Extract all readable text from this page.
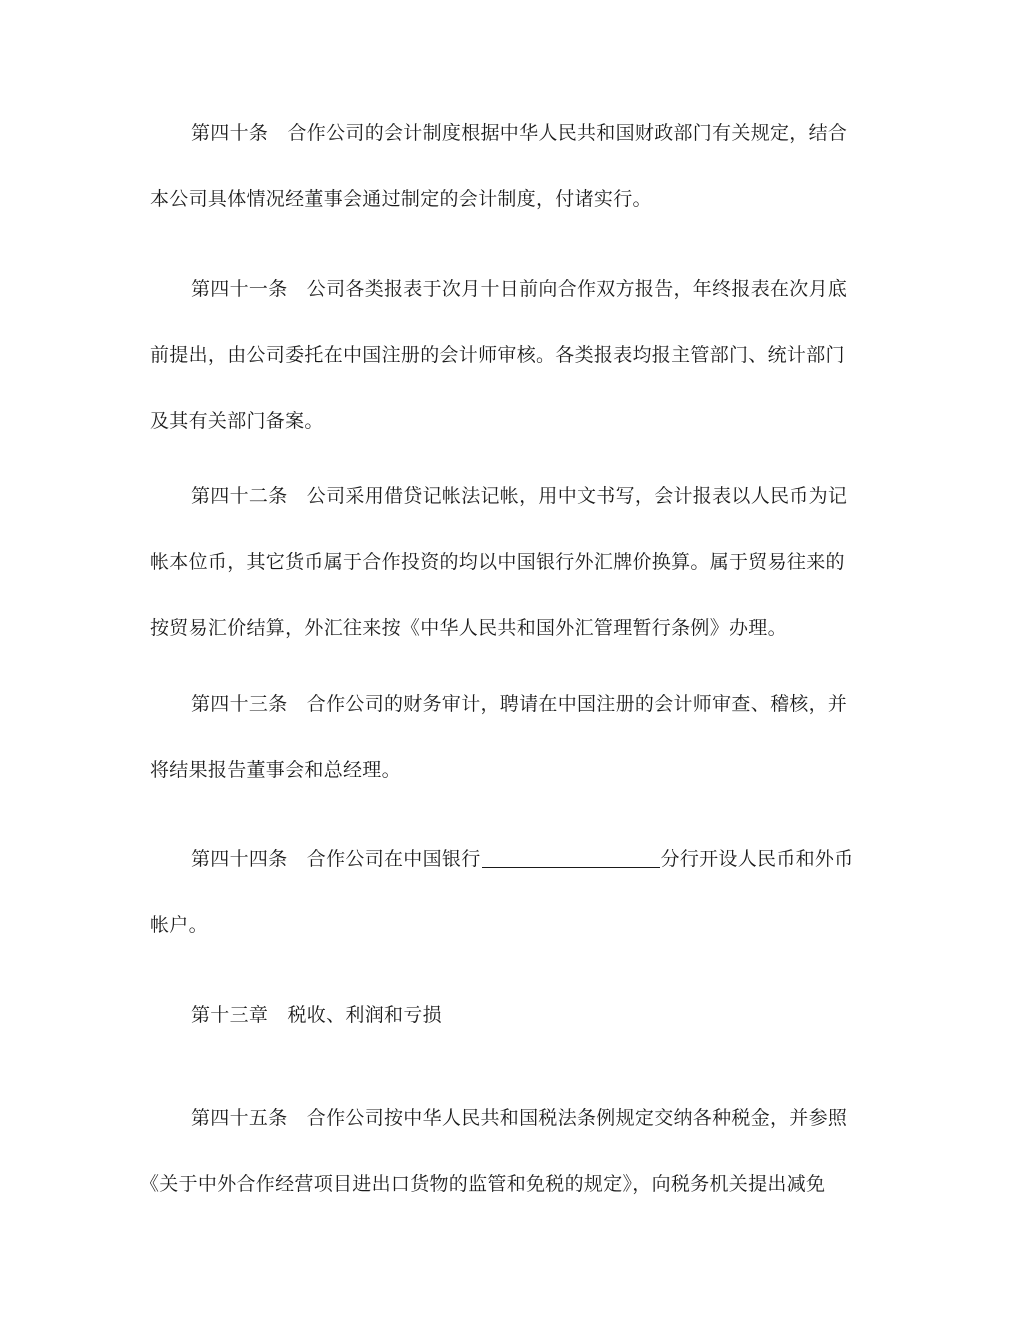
第四十条　合作公司的会计制度根据中华人民共和国财政部门有关规定，结合
本公司具体情况经董事会通过制定的会计制度，付诸实行。

第四十一条　公司各类报表于次月十日前向合作双方报告，年终报表在次月底
前提出，由公司委托在中国注册的会计师审核。各类报表均报主管部门、统计部门
及其有关部门备案。

第四十二条　公司采用借贷记帐法记帐，用中文书写，会计报表以人民币为记
帐本位币，其它货币属于合作投资的均以中国银行外汇牌价换算。属于贸易往来的
按贸易汇价结算，外汇往来按《中华人民共和国外汇管理暂行条例》办理。

第四十三条　合作公司的财务审计，聘请在中国注册的会计师审查、稽核，并
将结果报告董事会和总经理。

第四十四条　合作公司在中国银行	分行开设人民币和外币
帐户。

第十三章　税收、利润和亏损

第四十五条　合作公司按中华人民共和国税法条例规定交纳各种税金，并参照
《关于中外合作经营项目进出口货物的监管和免税的规定》，向税务机关提出减免
